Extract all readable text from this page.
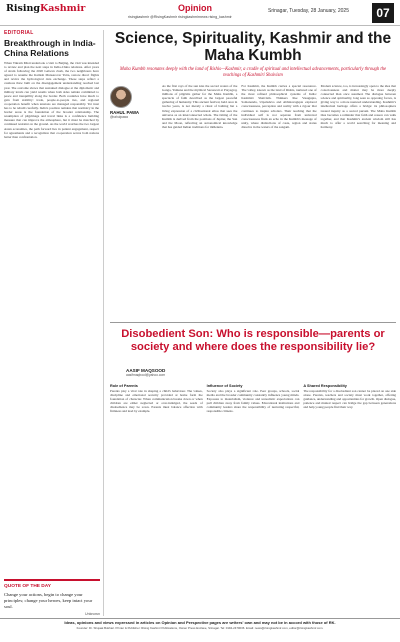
RisingKashmir	Opinion
risingkashmir @RisingKashmir risingkashmirnews rising_kashmir
Srinagar, Tuesday, 28 January, 2025	07
EDITORIAL
Breakthrough in India-China Relations

When Vikram Misri undertook a visit to Beijing, the visit was intended to review and plan the next steps in India-China relations. After years of strain following the 2020 Galwan clash, the two neighbours have agreed to resume the Kailash Mansarovar Yatra, restore direct flights and revive the hydrological data exchange. These steps reflect a cautious thaw built on the disengagement understanding reached last year. The outcome shows that sustained dialogue at the diplomatic and military levels can yield results when both sides remain committed to peace and tranquillity along the border. Both countries have much to gain from stability: trade, people-to-people ties, and regional cooperation benefit when tensions are managed responsibly. Yet trust has to be rebuilt carefully. India's position remains that normalcy in the border areas is the foundation of the broader relationship. The resumption of pilgrimage and travel links is a confidence building measure that can improve the atmosphere, but it must be matched by continued restraint on the ground. As the world watches the two largest Asian economies, the path forward lies in patient engagement, respect for agreements and a recognition that cooperation serves both nations better than confrontation.

QUOTE OF THE DAY
Change your actions, begin to change your principles; change your heroes, keep intact your soul.
Unknown
Science, Spirituality, Kashmir and the Maha Kumbh

Maha Kumbh resonates deeply with the land of Rishis—Kashmir, a cradle of spiritual and intellectual advancements, particularly through the teachings of Kashmiri Shaivism

RAHUL PAWA
@rahulpawa
As the first rays of the sun kiss the sacred waters of the Ganga, Yamuna and the mythical Saraswati at Prayagraj, millions of pilgrims gather for the Maha Kumbh, a spectacle of faith described as the largest peaceful gathering of humanity. This ancient festival, held once in twelve years, is not merely a ritual of bathing but a living expression of a civilisational ethos that sees the universe as an interconnected whole. The timing of the Kumbh is derived from the positions of Jupiter, the Sun and the Moon, reflecting an astronomical knowledge that has guided Indian traditions for millennia.
For Kashmir, the Kumbh carries a special resonance. The valley, known as the land of Rishis, nurtured one of the most refined philosophical systems of India: Kashmiri Shaivism. Thinkers like Vasugupta, Somananda, Utpaladeva and Abhinavagupta explored consciousness, perception and reality with a rigour that continues to inspire scholars. Their teaching that the individual self is not separate from universal consciousness finds an echo in the Kumbh's message of unity, where distinctions of caste, region and status dissolve in the waters of the sangam.
Modern science, too, is increasingly open to the idea that consciousness and matter may be more deeply connected than once assumed. The dialogue between science and spirituality, long seen as opposing forces, is giving way to a more nuanced understanding. Kashmir's intellectual heritage offers a bridge: its philosophers treated inquiry as a sacred pursuit. The Maha Kumbh thus becomes a reminder that faith and reason can walk together, and that Kashmir's ancient wisdom still has much to offer a world searching for meaning and harmony.
Disobedient Son: Who is responsible—parents or society and where does the responsibility lie?
AASIF MAQSOOD
aasifmaqbool@yahoo.com
Role of Parents

Parents play a vital role in shaping a child's behaviour. The values, discipline and emotional security provided at home form the foundation of character. When communication breaks down or when children are either neglected or over-indulged, the seeds of disobedience may be sown. Parents must balance affection with firmness and lead by example.

Influence of Society

Society also plays a significant role. Peer groups, schools, social media and the broader community constantly influence young minds. Exposure to materialism, violence and unrealistic expectations can pull children away from family values. Educational institutions and community leaders share the responsibility of nurturing respectful, responsible citizens.

A Shared Responsibility

The responsibility for a disobedient son cannot be placed on one side alone. Parents, teachers and society must work together, offering guidance, understanding and opportunities for growth. Open dialogue, patience and mutual respect can bridge the gap between generations and help young people find their way.

Ideas, opinions and views expressed in articles on Opinion and Perspective pages are writers' own and may not be in accord with those of RK.
Founder: Dr. Shujaat Bukhari. Printer & Publisher: Rising Kashmir Publications, Owner Press Enclave, Srinagar. Tel: 0194-2470036. Email: news@risingkashmir.com, editor@risingkashmir.com.
